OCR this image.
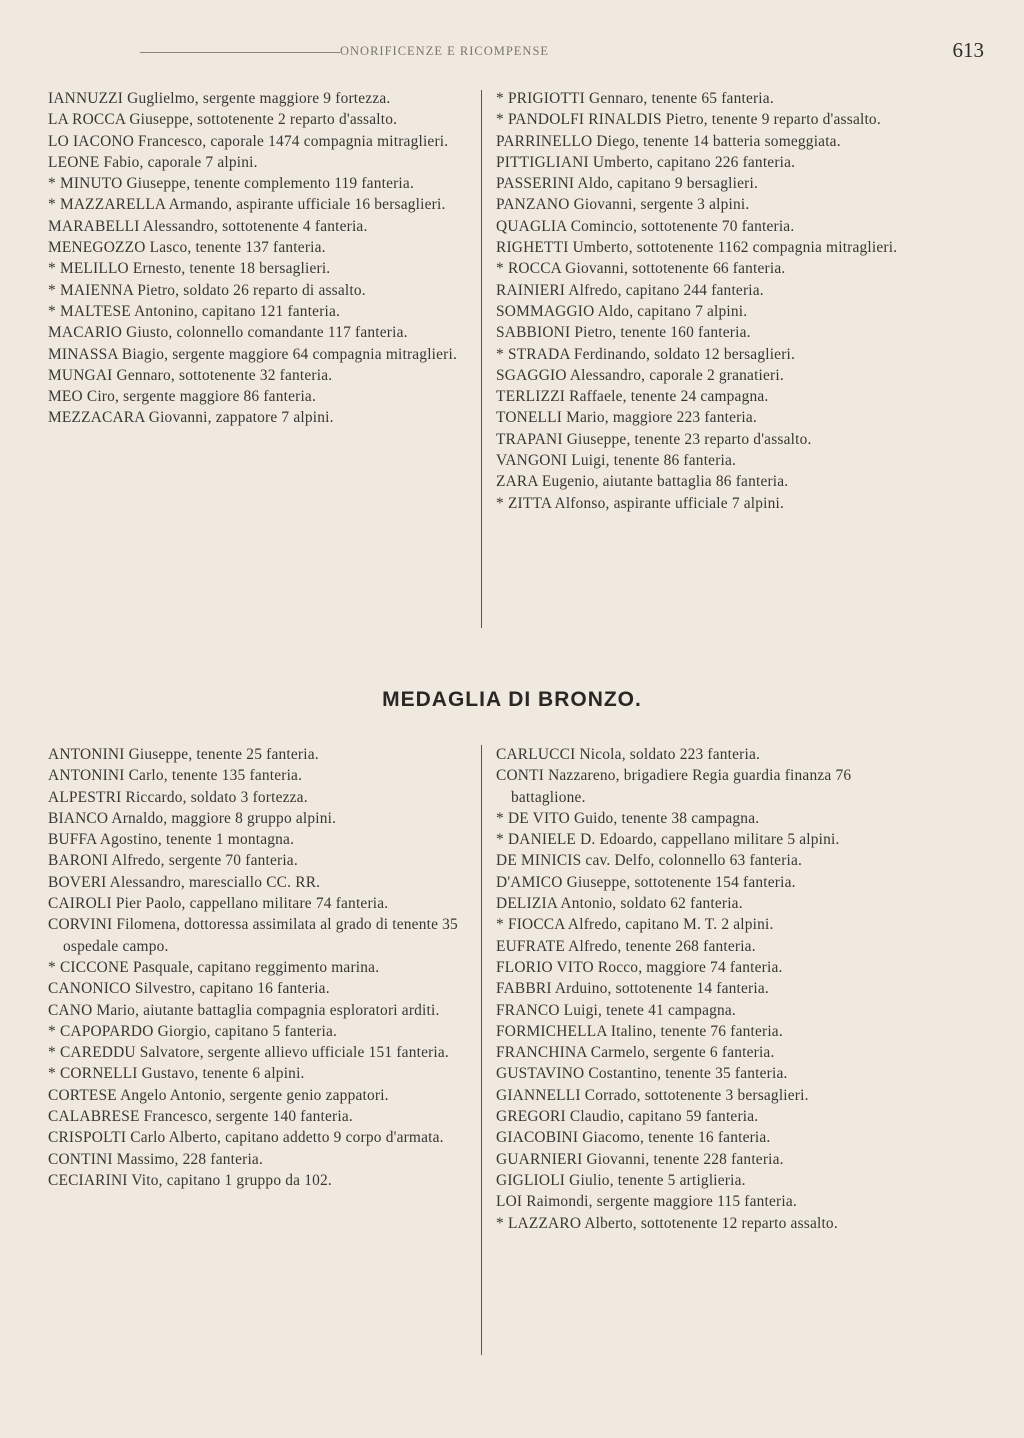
ONORIFICENZE E RICOMPENSE	613

IANNUZZI Guglielmo, sergente maggiore 9 fortezza.

LA ROCCA Giuseppe, sottotenente 2 reparto d'assalto.

LO IACONO Francesco, caporale 1474 compagnia mitraglieri.

LEONE Fabio, caporale 7 alpini.

* MINUTO Giuseppe, tenente complemento 119 fanteria.

* MAZZARELLA Armando, aspirante ufficiale 16 bersaglieri.

MARABELLI Alessandro, sottotenente 4 fanteria.

MENEGOZZO Lasco, tenente 137 fanteria.

* MELILLO Ernesto, tenente 18 bersaglieri.

* MAIENNA Pietro, soldato 26 reparto di assalto.

* MALTESE Antonino, capitano 121 fanteria.

MACARIO Giusto, colonnello comandante 117 fanteria.

MINASSA Biagio, sergente maggiore 64 compagnia mitraglieri.

MUNGAI Gennaro, sottotenente 32 fanteria.

MEO Ciro, sergente maggiore 86 fanteria.

MEZZACARA Giovanni, zappatore 7 alpini.

* PRIGIOTTI Gennaro, tenente 65 fanteria.

* PANDOLFI RINALDIS Pietro, tenente 9 reparto d'assalto.

PARRINELLO Diego, tenente 14 batteria someggiata.

PITTIGLIANI Umberto, capitano 226 fanteria.

PASSERINI Aldo, capitano 9 bersaglieri.

PANZANO Giovanni, sergente 3 alpini.

QUAGLIA Comincio, sottotenente 70 fanteria.

RIGHETTI Umberto, sottotenente 1162 compagnia mitraglieri.

* ROCCA Giovanni, sottotenente 66 fanteria.

RAINIERI Alfredo, capitano 244 fanteria.

SOMMAGGIO Aldo, capitano 7 alpini.

SABBIONI Pietro, tenente 160 fanteria.

* STRADA Ferdinando, soldato 12 bersaglieri.

SGAGGIO Alessandro, caporale 2 granatieri.

TERLIZZI Raffaele, tenente 24 campagna.

TONELLI Mario, maggiore 223 fanteria.

TRAPANI Giuseppe, tenente 23 reparto d'assalto.

VANGONI Luigi, tenente 86 fanteria.

ZARA Eugenio, aiutante battaglia 86 fanteria.

* ZITTA Alfonso, aspirante ufficiale 7 alpini.

MEDAGLIA DI BRONZO.

ANTONINI Giuseppe, tenente 25 fanteria.

ANTONINI Carlo, tenente 135 fanteria.

ALPESTRI Riccardo, soldato 3 fortezza.

BIANCO Arnaldo, maggiore 8 gruppo alpini.

BUFFA Agostino, tenente 1 montagna.

BARONI Alfredo, sergente 70 fanteria.

BOVERI Alessandro, maresciallo CC. RR.

CAIROLI Pier Paolo, cappellano militare 74 fanteria.

CORVINI Filomena, dottoressa assimilata al grado di tenente 35 ospedale campo.

* CICCONE Pasquale, capitano reggimento marina.

CANONICO Silvestro, capitano 16 fanteria.

CANO Mario, aiutante battaglia compagnia esploratori arditi.

* CAPOPARDO Giorgio, capitano 5 fanteria.

* CAREDDU Salvatore, sergente allievo ufficiale 151 fanteria.

* CORNELLI Gustavo, tenente 6 alpini.

CORTESE Angelo Antonio, sergente genio zappatori.

CALABRESE Francesco, sergente 140 fanteria.

CRISPOLTI Carlo Alberto, capitano addetto 9 corpo d'armata.

CONTINI Massimo, 228 fanteria.

CECIARINI Vito, capitano 1 gruppo da 102.

CARLUCCI Nicola, soldato 223 fanteria.

CONTI Nazzareno, brigadiere Regia guardia finanza 76 battaglione.

* DE VITO Guido, tenente 38 campagna.

* DANIELE D. Edoardo, cappellano militare 5 alpini.

DE MINICIS cav. Delfo, colonnello 63 fanteria.

D'AMICO Giuseppe, sottotenente 154 fanteria.

DELIZIA Antonio, soldato 62 fanteria.

* FIOCCA Alfredo, capitano M. T. 2 alpini.

EUFRATE Alfredo, tenente 268 fanteria.

FLORIO VITO Rocco, maggiore 74 fanteria.

FABBRI Arduino, sottotenente 14 fanteria.

FRANCO Luigi, tenete 41 campagna.

FORMICHELLA Italino, tenente 76 fanteria.

FRANCHINA Carmelo, sergente 6 fanteria.

GUSTAVINO Costantino, tenente 35 fanteria.

GIANNELLI Corrado, sottotenente 3 bersaglieri.

GREGORI Claudio, capitano 59 fanteria.

GIACOBINI Giacomo, tenente 16 fanteria.

GUARNIERI Giovanni, tenente 228 fanteria.

GIGLIOLI Giulio, tenente 5 artiglieria.

LOI Raimondi, sergente maggiore 115 fanteria.

* LAZZARO Alberto, sottotenente 12 reparto assalto.
